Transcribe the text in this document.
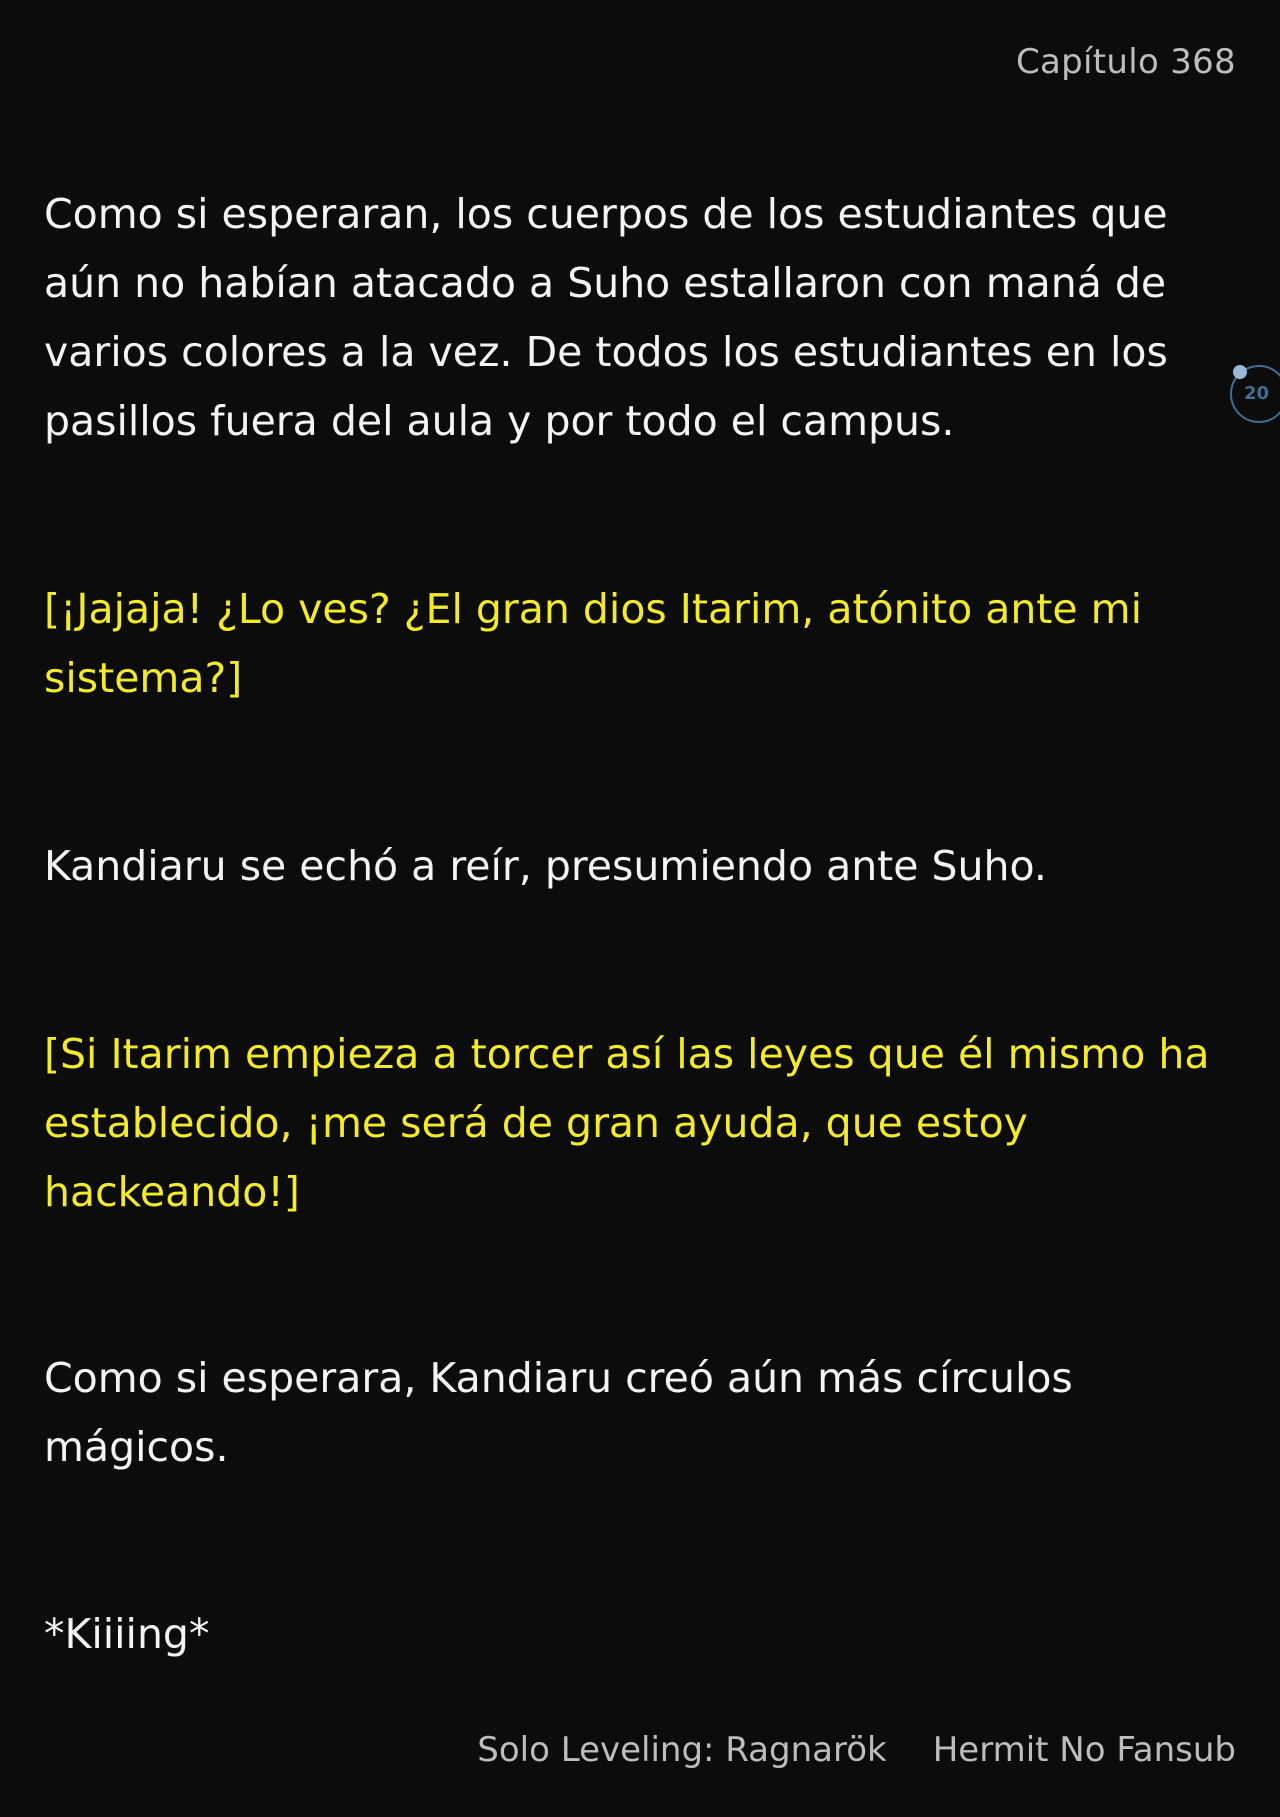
Capítulo 368

Como si esperaran, los cuerpos de los estudiantes que aún no habían atacado a Suho estallaron con maná de varios colores a la vez. De todos los estudiantes en los pasillos fuera del aula y por todo el campus.

[¡Jajaja! ¿Lo ves? ¿El gran dios Itarim, atónito ante mi sistema?]

Kandiaru se echó a reír, presumiendo ante Suho.

[Si Itarim empieza a torcer así las leyes que él mismo ha establecido, ¡me será de gran ayuda, que estoy hackeando!]

Como si esperara, Kandiaru creó aún más círculos mágicos.

*Kiiiing*

20
Solo Leveling: Ragnarök Hermit No Fansub
